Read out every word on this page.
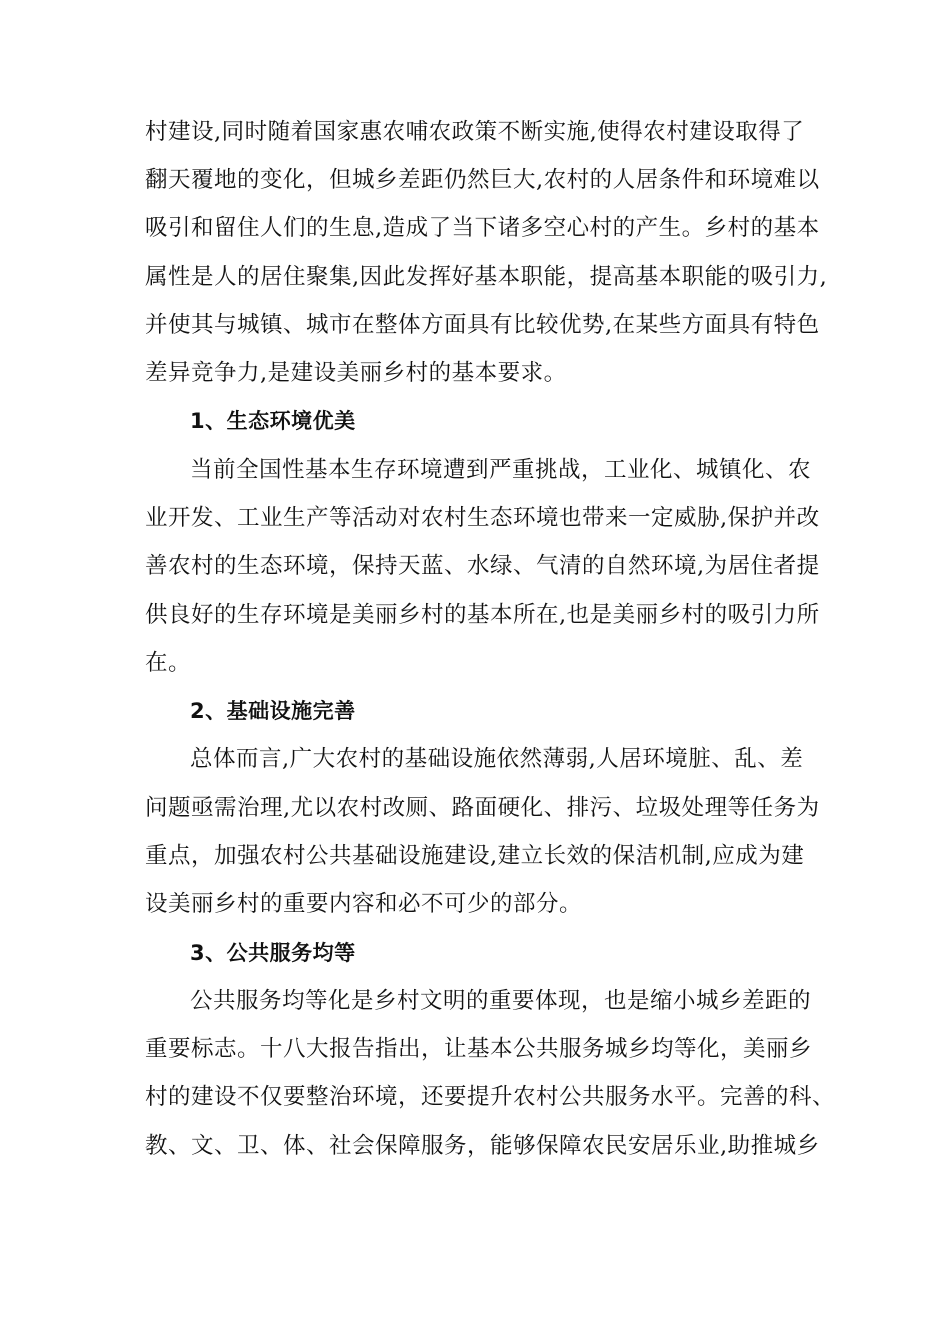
村建设,同时随着国家惠农哺农政策不断实施,使得农村建设取得了
翻天覆地的变化，但城乡差距仍然巨大,农村的人居条件和环境难以
吸引和留住人们的生息,造成了当下诸多空心村的产生。乡村的基本
属性是人的居住聚集,因此发挥好基本职能，提高基本职能的吸引力,
并使其与城镇、城市在整体方面具有比较优势,在某些方面具有特色
差异竞争力,是建设美丽乡村的基本要求。
1、生态环境优美
当前全国性基本生存环境遭到严重挑战，工业化、城镇化、农
业开发、工业生产等活动对农村生态环境也带来一定威胁,保护并改
善农村的生态环境，保持天蓝、水绿、气清的自然环境,为居住者提
供良好的生存环境是美丽乡村的基本所在,也是美丽乡村的吸引力所
在。
2、基础设施完善
总体而言,广大农村的基础设施依然薄弱,人居环境脏、乱、差
问题亟需治理,尤以农村改厕、路面硬化、排污、垃圾处理等任务为
重点，加强农村公共基础设施建设,建立长效的保洁机制,应成为建
设美丽乡村的重要内容和必不可少的部分。
3、公共服务均等
公共服务均等化是乡村文明的重要体现，也是缩小城乡差距的
重要标志。十八大报告指出，让基本公共服务城乡均等化，美丽乡
村的建设不仅要整治环境，还要提升农村公共服务水平。完善的科、
教、文、卫、体、社会保障服务，能够保障农民安居乐业,助推城乡
